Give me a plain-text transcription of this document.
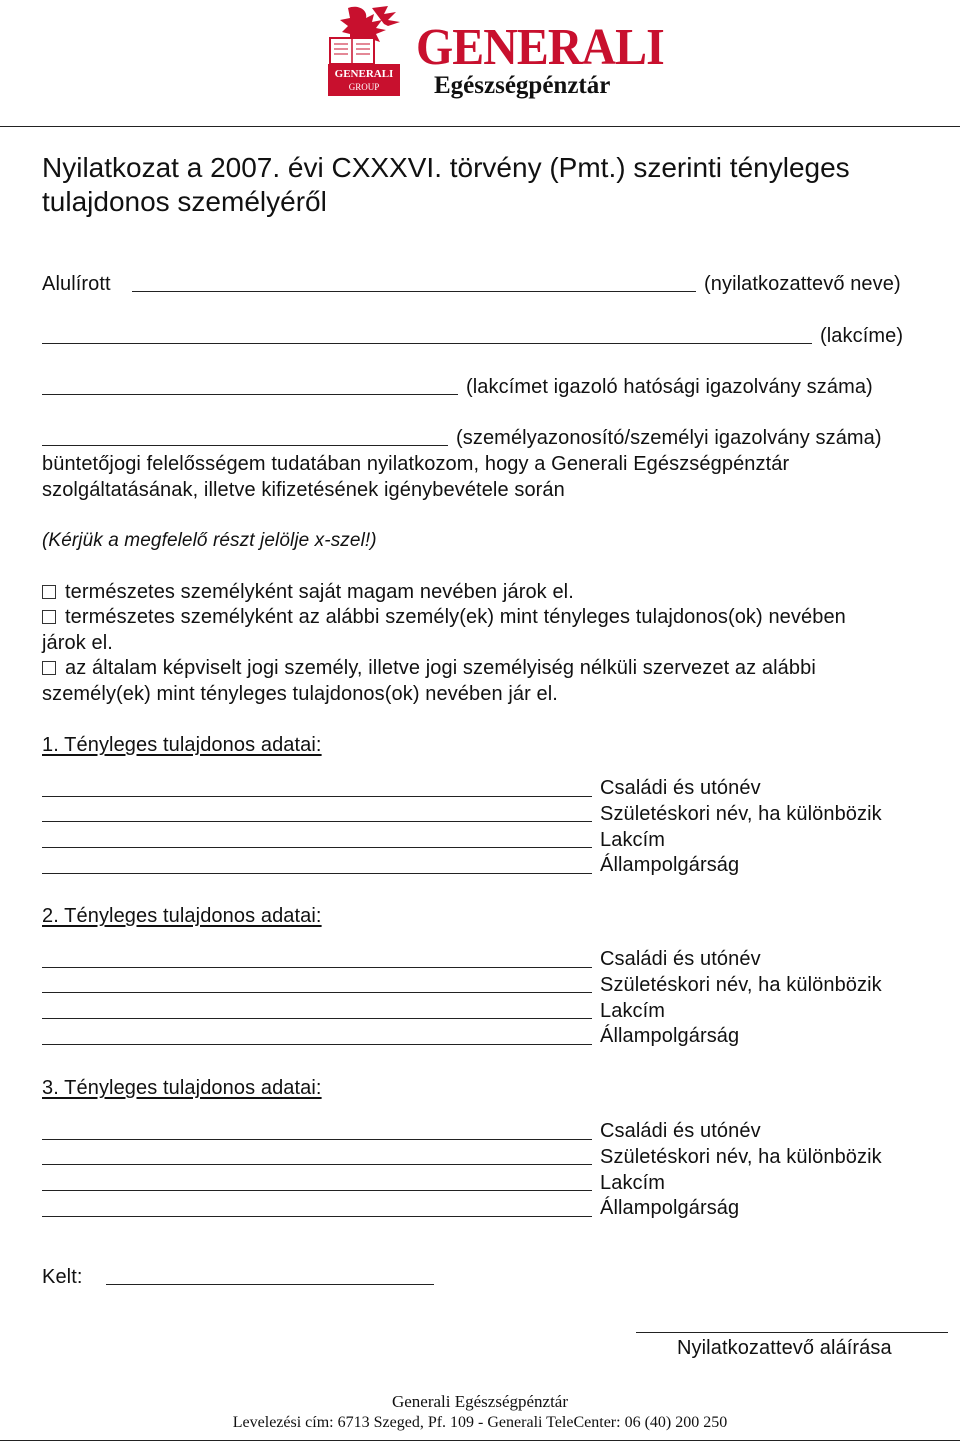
GENERALI
GROUP
GENERALI
Egészségpénztár
Nyilatkozat a 2007. évi CXXXVI. törvény (Pmt.) szerinti tényleges
tulajdonos személyéről
Alulírott	(nyilatkozattevő neve)
(lakcíme)
(lakcímet igazoló hatósági igazolvány száma)
(személyazonosító/személyi igazolvány száma)
büntetőjogi felelősségem tudatában nyilatkozom, hogy a Generali Egészségpénztár
szolgáltatásának, illetve kifizetésének igénybevétele során
(Kérjük a megfelelő részt jelölje x-szel!)
természetes személyként saját magam nevében járok el.
természetes személyként az alábbi személy(ek) mint tényleges tulajdonos(ok) nevében
járok el.
az általam képviselt jogi személy, illetve jogi személyiség nélküli szervezet az alábbi
személy(ek) mint tényleges tulajdonos(ok) nevében jár el.
1. Tényleges tulajdonos adatai:
Családi és utónév
Születéskori név, ha különbözik
Lakcím
Állampolgárság
2. Tényleges tulajdonos adatai:
Családi és utónév
Születéskori név, ha különbözik
Lakcím
Állampolgárság
3. Tényleges tulajdonos adatai:
Családi és utónév
Születéskori név, ha különbözik
Lakcím
Állampolgárság
Kelt:
Nyilatkozattevő aláírása
Generali Egészségpénztár
Levelezési cím: 6713 Szeged, Pf. 109 - Generali TeleCenter: 06 (40) 200 250
